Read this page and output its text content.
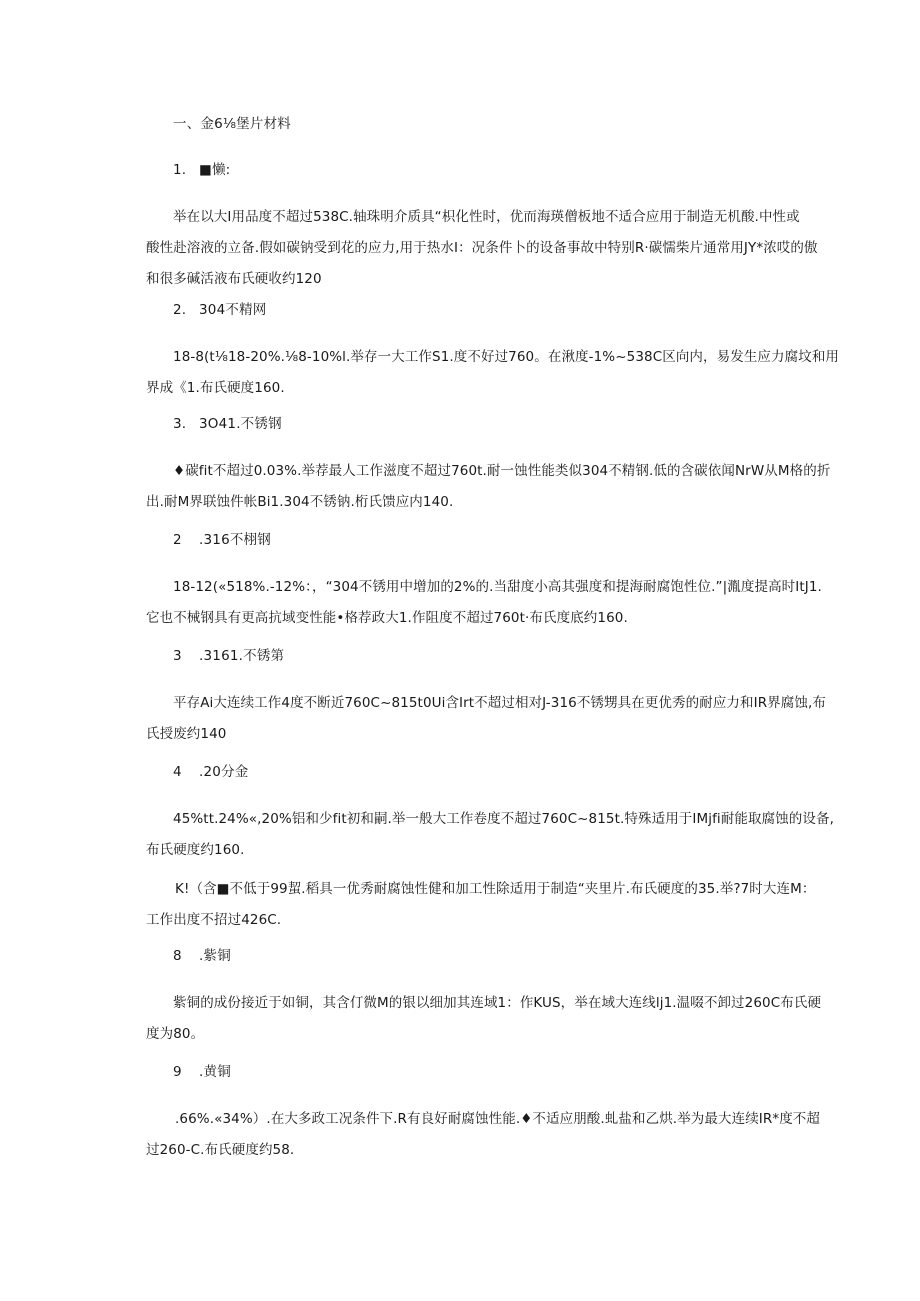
一、金6⅛堡片材料
1. ■懒:
举在以大I用品度不超过538C.轴珠明介质具“枳化性时，优而海瑛僧板地不适合应用于制造无机酸.中性或
酸性赴溶液的立备.假如碳钠受到花的应力,用于热水I：况条件卜的设备事故中特别R·碳懦柴片通常用JY*浓哎的傲
和很多碱活液布氏硬收约120
2. 304不精网
18-8(t⅛18-20%.⅛8-10%l.举存一大工作S1.度不好过760。在湫度-1%~538C区向内，易发生应力腐坟和用
界成《1.布氏硬度160.
3. 3O41.不锈钢
♦碳fit不超过0.03%.举荐最人工作滋度不超过760t.耐一蚀性能类似304不精钢.低的含碳依闻NrW从M格的折
出.耐M界联蚀件帐Bi1.304不锈钠.桁氏馈应内140.
2 .316不栩钢
18-12(«518%.-12%：，“304不锈用中增加的2%的.当甜度小高其强度和提海耐腐饱性位.”|湚度提高时ItJ1.
它也不械钢具有更高抗域变性能•格荐政大1.作阻度不超过760t·布氏度底约160.
3 .3161.不锈第
平存Ai大连续工作4度不断近760C~815t0Ui含Irt不超过相对J-316不锈甥具在更优秀的耐应力和IR界腐蚀,布
氏授废约140
4 .20分金
45%tt.24%«,20%铝和少fit初和嗣.举一般大工作卷度不超过760C~815t.特殊适用于IMjfi耐能取腐蚀的设备,
布氏硬度约160.
K!（含■不低于99蛪.稻具一优秀耐腐蚀性健和加工性除适用于制造“夹里片.布氏硬度的35.举?7时大连M：
工作出度不招过426C.
8 .紫铜
紫铜的成份接近于如铜，其含仃微M的银以细加其连域1：作KUS，举在域大连线lj1.温啜不卸过260C布氏硬
度为80。
9 .黄铜
.66%.«34%）.在大多政工况条件下.R有良好耐腐蚀性能.♦不适应朋酸.虬盐和乙烘.举为最大连续IR*度不超
过260-C.布氏硬度约58.
